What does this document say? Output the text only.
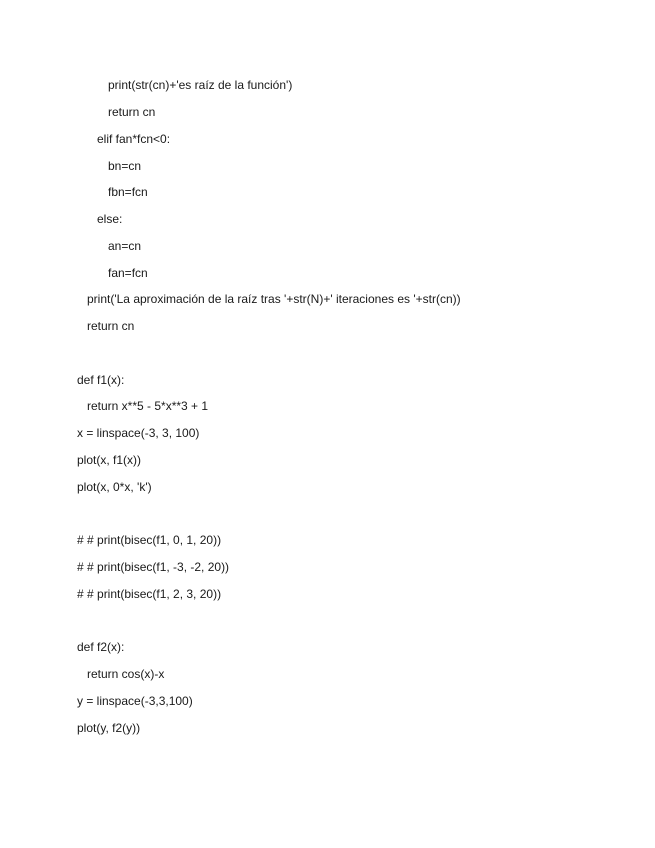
print(str(cn)+'es raíz de la función')
return cn
elif fan*fcn<0:
bn=cn
fbn=fcn
else:
an=cn
fan=fcn
print('La aproximación de la raíz tras '+str(N)+' iteraciones es '+str(cn))
return cn
def f1(x):
return x**5 - 5*x**3 + 1
x = linspace(-3, 3, 100)
plot(x, f1(x))
plot(x, 0*x, 'k')
# # print(bisec(f1, 0, 1, 20))
# # print(bisec(f1, -3, -2, 20))
# # print(bisec(f1, 2, 3, 20))
def f2(x):
return cos(x)-x
y = linspace(-3,3,100)
plot(y, f2(y))
